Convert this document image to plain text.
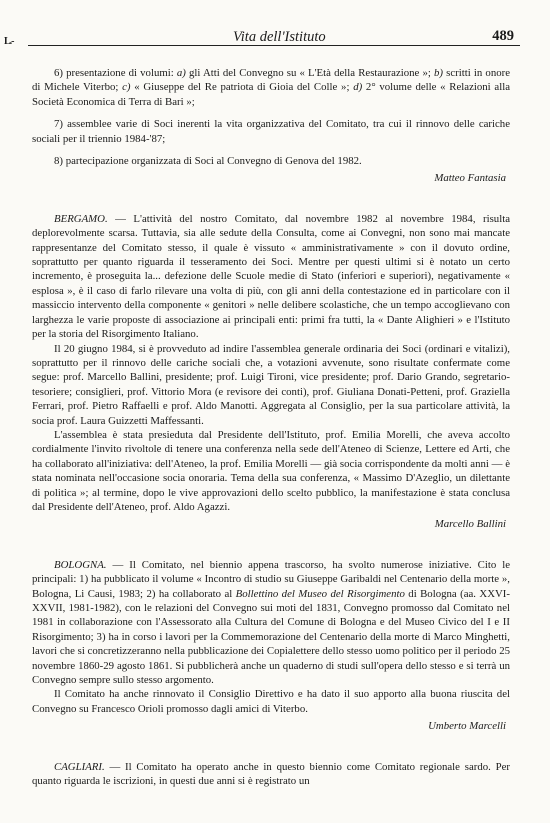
L.-	Vita dell'Istituto	489

6) presentazione di volumi: a) gli Atti del Convegno su « L'Età della Restaurazione »; b) scritti in onore di Michele Viterbo; c) « Giuseppe del Re patriota di Gioia del Colle »; d) 2° volume delle « Relazioni alla Società Economica di Terra di Bari »;

7) assemblee varie di Soci inerenti la vita organizzativa del Comitato, tra cui il rinnovo delle cariche sociali per il triennio 1984-'87;

8) partecipazione organizzata di Soci al Convegno di Genova del 1982.

Matteo Fantasia

BERGAMO. — L'attività del nostro Comitato, dal novembre 1982 al novembre 1984, risulta deplorevolmente scarsa. Tuttavia, sia alle sedute della Consulta, come ai Convegni, non sono mai mancate rappresentanze del Comitato stesso, il quale è vissuto « amministrativamente » con il dovuto ordine, soprattutto per quanto riguarda il tesseramento dei Soci. Mentre per questi ultimi si è notato un certo incremento, è proseguita la... defezione delle Scuole medie di Stato (inferiori e superiori), negativamente « esplosa », è il caso di farlo rilevare una volta di più, con gli anni della contestazione ed in particolare con il massiccio intervento della componente « genitori » nelle delibere scolastiche, che un tempo accoglievano con larghezza le varie proposte di associazione ai principali enti: primi fra tutti, la « Dante Alighieri » e l'Istituto per la storia del Risorgimento Italiano.

Il 20 giugno 1984, si è provveduto ad indire l'assemblea generale ordinaria dei Soci (ordinari e vitalizi), soprattutto per il rinnovo delle cariche sociali che, a votazioni avvenute, sono risultate confermate come segue: prof. Marcello Ballini, presidente; prof. Luigi Tironi, vice presidente; prof. Dario Grando, segretario-tesoriere; consiglieri, prof. Vittorio Mora (e revisore dei conti), prof. Giuliana Donati-Petteni, prof. Graziella Ferrari, prof. Pietro Raffaelli e prof. Aldo Manotti. Aggregata al Consiglio, per la sua particolare attività, la socia prof. Laura Guizzetti Maffessanti.

L'assemblea è stata presieduta dal Presidente dell'Istituto, prof. Emilia Morelli, che aveva accolto cordialmente l'invito rivoltole di tenere una conferenza nella sede dell'Ateneo di Scienze, Lettere ed Arti, che ha collaborato all'iniziativa: dell'Ateneo, la prof. Emilia Morelli — già socia corrispondente da molti anni — è stata nominata nell'occasione socia onoraria. Tema della sua conferenza, « Massimo D'Azeglio, un dilettante di politica »; al termine, dopo le vive approvazioni dello scelto pubblico, la manifestazione è stata conclusa dal Presidente dell'Ateneo, prof. Aldo Agazzi.

Marcello Ballini

BOLOGNA. — Il Comitato, nel biennio appena trascorso, ha svolto numerose iniziative. Cito le principali: 1) ha pubblicato il volume « Incontro di studio su Giuseppe Garibaldi nel Centenario della morte », Bologna, Li Causi, 1983; 2) ha collaborato al Bollettino del Museo del Risorgimento di Bologna (aa. XXVI-XXVII, 1981-1982), con le relazioni del Convegno sui moti del 1831, Convegno promosso dal Comitato nel 1981 in collaborazione con l'Assessorato alla Cultura del Comune di Bologna e del Museo Civico del I e II Risorgimento; 3) ha in corso i lavori per la Commemorazione del Centenario della morte di Marco Minghetti, lavori che si concretizzeranno nella pubblicazione dei Copialettere dello stesso uomo politico per il periodo 25 novembre 1860-29 agosto 1861. Si pubblicherà anche un quaderno di studi sull'opera dello stesso e si terrà un Convegno sempre sullo stesso argomento.

Il Comitato ha anche rinnovato il Consiglio Direttivo e ha dato il suo apporto alla buona riuscita del Convegno su Francesco Orioli promosso dagli amici di Viterbo.

Umberto Marcelli

CAGLIARI. — Il Comitato ha operato anche in questo biennio come Comitato regionale sardo. Per quanto riguarda le iscrizioni, in questi due anni si è registrato un
